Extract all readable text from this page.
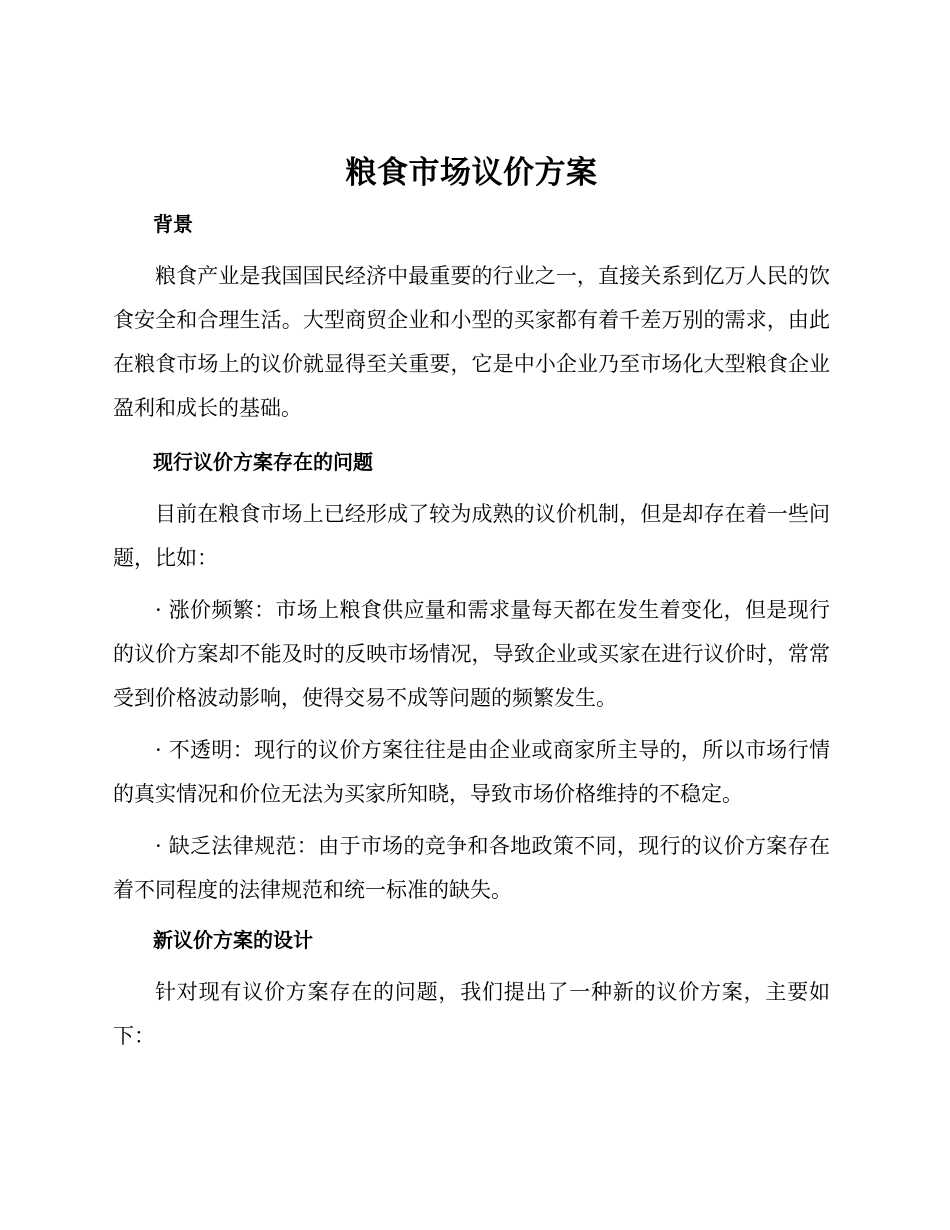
粮食市场议价方案
背景

粮食产业是我国国民经济中最重要的行业之一，直接关系到亿万人民的饮食安全和合理生活。大型商贸企业和小型的买家都有着千差万别的需求，由此在粮食市场上的议价就显得至关重要，它是中小企业乃至市场化大型粮食企业盈利和成长的基础。

现行议价方案存在的问题

目前在粮食市场上已经形成了较为成熟的议价机制，但是却存在着一些问题，比如：

· 涨价频繁：市场上粮食供应量和需求量每天都在发生着变化，但是现行的议价方案却不能及时的反映市场情况，导致企业或买家在进行议价时，常常受到价格波动影响，使得交易不成等问题的频繁发生。

· 不透明：现行的议价方案往往是由企业或商家所主导的，所以市场行情的真实情况和价位无法为买家所知晓，导致市场价格维持的不稳定。

· 缺乏法律规范：由于市场的竞争和各地政策不同，现行的议价方案存在着不同程度的法律规范和统一标准的缺失。

新议价方案的设计

针对现有议价方案存在的问题，我们提出了一种新的议价方案，主要如下：
